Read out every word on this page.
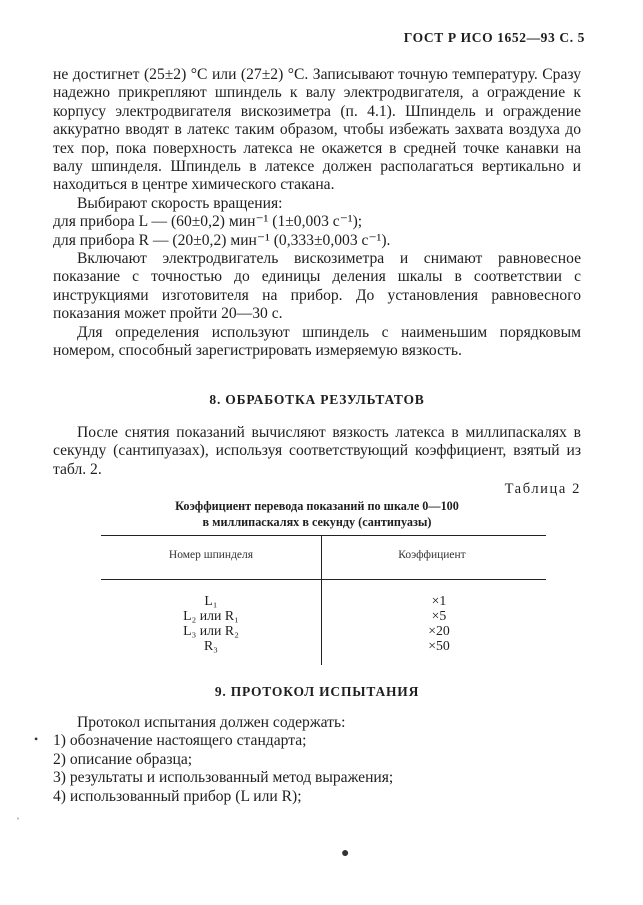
ГОСТ Р ИСО 1652—93 С. 5

не достигнет (25±2) °C или (27±2) °C. Записывают точную температуру. Сразу надежно прикрепляют шпиндель к валу электродвигателя, а ограждение к корпусу электродвигателя вискозиметра (п. 4.1). Шпиндель и ограждение аккуратно вводят в латекс таким образом, чтобы избежать захвата воздуха до тех пор, пока поверхность латекса не окажется в средней точке канавки на валу шпинделя. Шпиндель в латексе должен располагаться вертикально и находиться в центре химического стакана.

Выбирают скорость вращения:

для прибора L — (60±0,2) мин⁻¹ (1±0,003 с⁻¹);

для прибора R — (20±0,2) мин⁻¹ (0,333±0,003 с⁻¹).

Включают электродвигатель вискозиметра и снимают равновесное показание с точностью до единицы деления шкалы в соответствии с инструкциями изготовителя на прибор. До установления равновесного показания может пройти 20—30 с.

Для определения используют шпиндель с наименьшим порядковым номером, способный зарегистрировать измеряемую вязкость.

8. ОБРАБОТКА РЕЗУЛЬТАТОВ

После снятия показаний вычисляют вязкость латекса в миллипаскалях в секунду (сантипуазах), используя соответствующий коэффициент, взятый из табл. 2.

Таблица 2
Коэффициент перевода показаний по шкале 0—100
в миллипаскалях в секунду (сантипуазы)
Номер шпинделя	Коэффициент
L₁
L₂ или R₁
L₃ или R₂
R₃
×1
×5
×20
×50
9. ПРОТОКОЛ ИСПЫТАНИЯ

Протокол испытания должен содержать:

1) обозначение настоящего стандарта;

2) описание образца;

3) результаты и использованный метод выражения;

4) использованный прибор (L или R);

•
ˈ
●
